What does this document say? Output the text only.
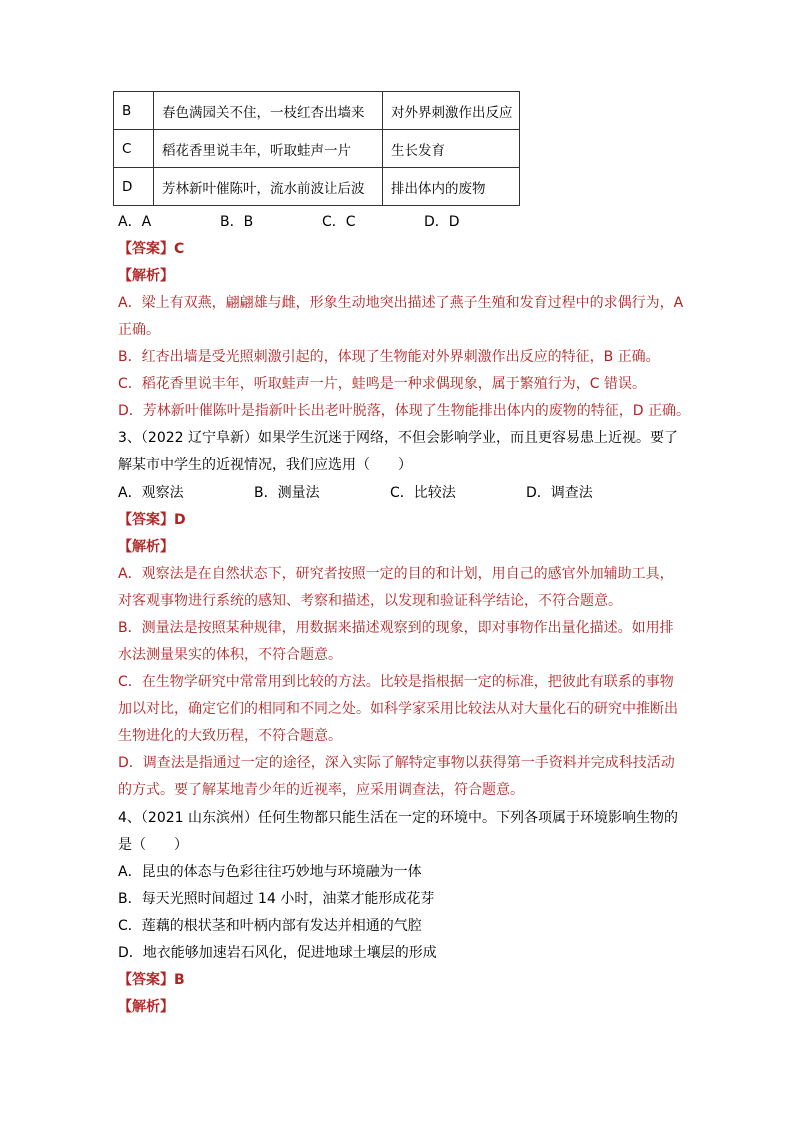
B	春色满园关不住，一枝红杏出墙来	对外界刺激作出反应
C	稻花香里说丰年，听取蛙声一片	生长发育
D	芳林新叶催陈叶，流水前波让后波	排出体内的废物
A．A	B．B	C．C	D．D
【答案】C
【解析】
A．梁上有双燕，翩翩雄与雌，形象生动地突出描述了燕子生殖和发育过程中的求偶行为，A
正确。
B．红杏出墙是受光照刺激引起的，体现了生物能对外界刺激作出反应的特征，B 正确。
C．稻花香里说丰年，听取蛙声一片，蛙鸣是一种求偶现象，属于繁殖行为，C 错误。
D．芳林新叶催陈叶是指新叶长出老叶脱落，体现了生物能排出体内的废物的特征，D 正确。
3、（2022 辽宁阜新）如果学生沉迷于网络，不但会影响学业，而且更容易患上近视。要了
解某市中学生的近视情况，我们应选用（　　）
A．观察法	B．测量法	C．比较法	D．调查法
【答案】D
【解析】
A．观察法是在自然状态下，研究者按照一定的目的和计划，用自己的感官外加辅助工具，
对客观事物进行系统的感知、考察和描述，以发现和验证科学结论，不符合题意。
B．测量法是按照某种规律，用数据来描述观察到的现象，即对事物作出量化描述。如用排
水法测量果实的体积，不符合题意。
C．在生物学研究中常常用到比较的方法。比较是指根据一定的标准，把彼此有联系的事物
加以对比，确定它们的相同和不同之处。如科学家采用比较法从对大量化石的研究中推断出
生物进化的大致历程，不符合题意。
D．调查法是指通过一定的途径，深入实际了解特定事物以获得第一手资料并完成科技活动
的方式。要了解某地青少年的近视率，应采用调查法，符合题意。
4、（2021 山东滨州）任何生物都只能生活在一定的环境中。下列各项属于环境影响生物的
是（　　）
A．昆虫的体态与色彩往往巧妙地与环境融为一体
B．每天光照时间超过 14 小时，油菜才能形成花芽
C．莲藕的根状茎和叶柄内部有发达并相通的气腔
D．地衣能够加速岩石风化，促进地球土壤层的形成
【答案】B
【解析】
